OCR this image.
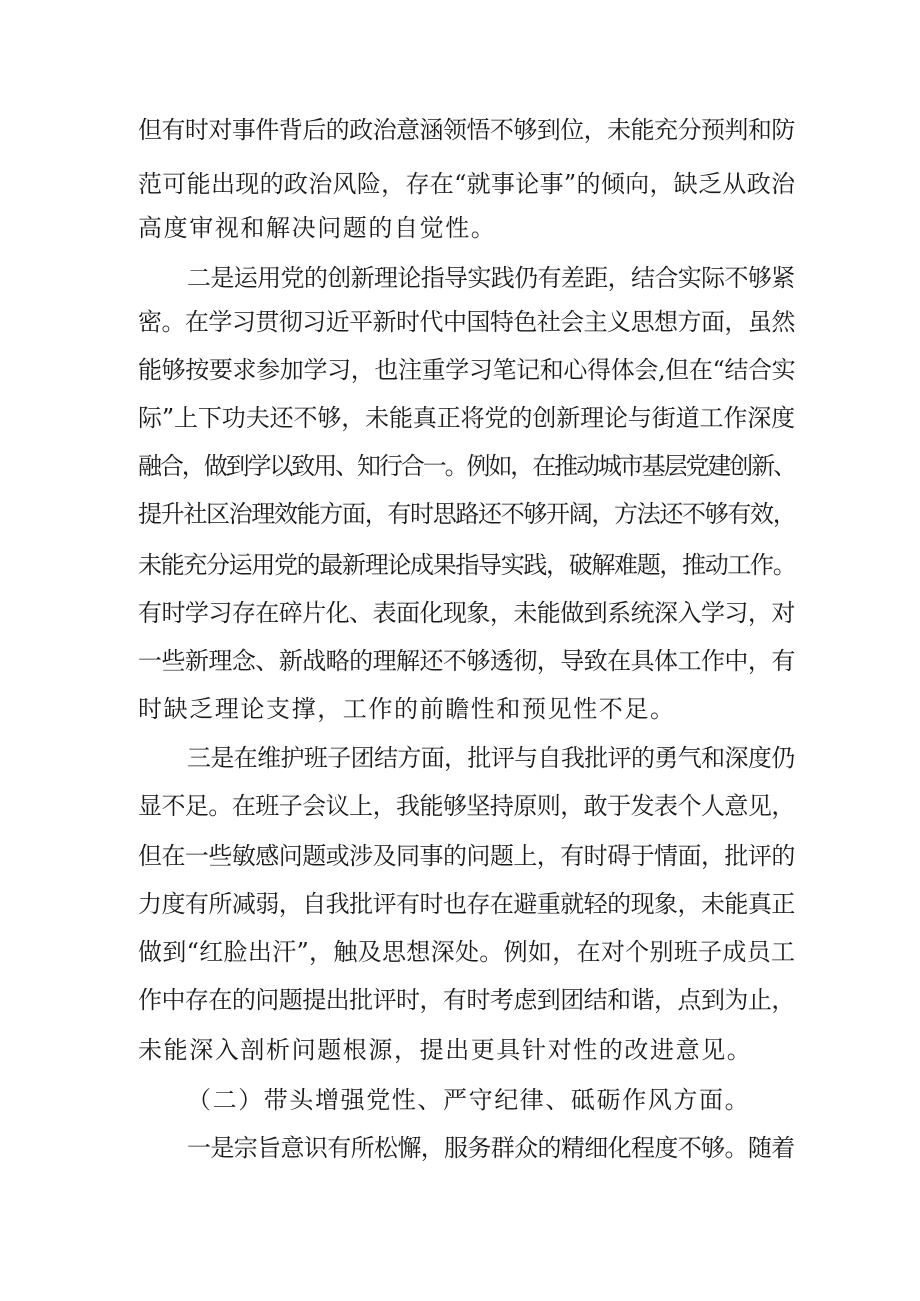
但有时对事件背后的政治意涵领悟不够到位，未能充分预判和防
范可能出现的政治风险，存在“就事论事”的倾向，缺乏从政治
高度审视和解决问题的自觉性。
二是运用党的创新理论指导实践仍有差距，结合实际不够紧
密。在学习贯彻习近平新时代中国特色社会主义思想方面，虽然
能够按要求参加学习，也注重学习笔记和心得体会,但在“结合实
际”上下功夫还不够，未能真正将党的创新理论与街道工作深度
融合，做到学以致用、知行合一。例如，在推动城市基层党建创新、
提升社区治理效能方面，有时思路还不够开阔，方法还不够有效，
未能充分运用党的最新理论成果指导实践，破解难题，推动工作。
有时学习存在碎片化、表面化现象，未能做到系统深入学习，对
一些新理念、新战略的理解还不够透彻，导致在具体工作中，有
时缺乏理论支撑，工作的前瞻性和预见性不足。
三是在维护班子团结方面，批评与自我批评的勇气和深度仍
显不足。在班子会议上，我能够坚持原则，敢于发表个人意见，
但在一些敏感问题或涉及同事的问题上，有时碍于情面，批评的
力度有所减弱，自我批评有时也存在避重就轻的现象，未能真正
做到“红脸出汗”，触及思想深处。例如，在对个别班子成员工
作中存在的问题提出批评时，有时考虑到团结和谐，点到为止，
未能深入剖析问题根源，提出更具针对性的改进意见。
（二）带头增强党性、严守纪律、砥砺作风方面。
一是宗旨意识有所松懈，服务群众的精细化程度不够。随着
